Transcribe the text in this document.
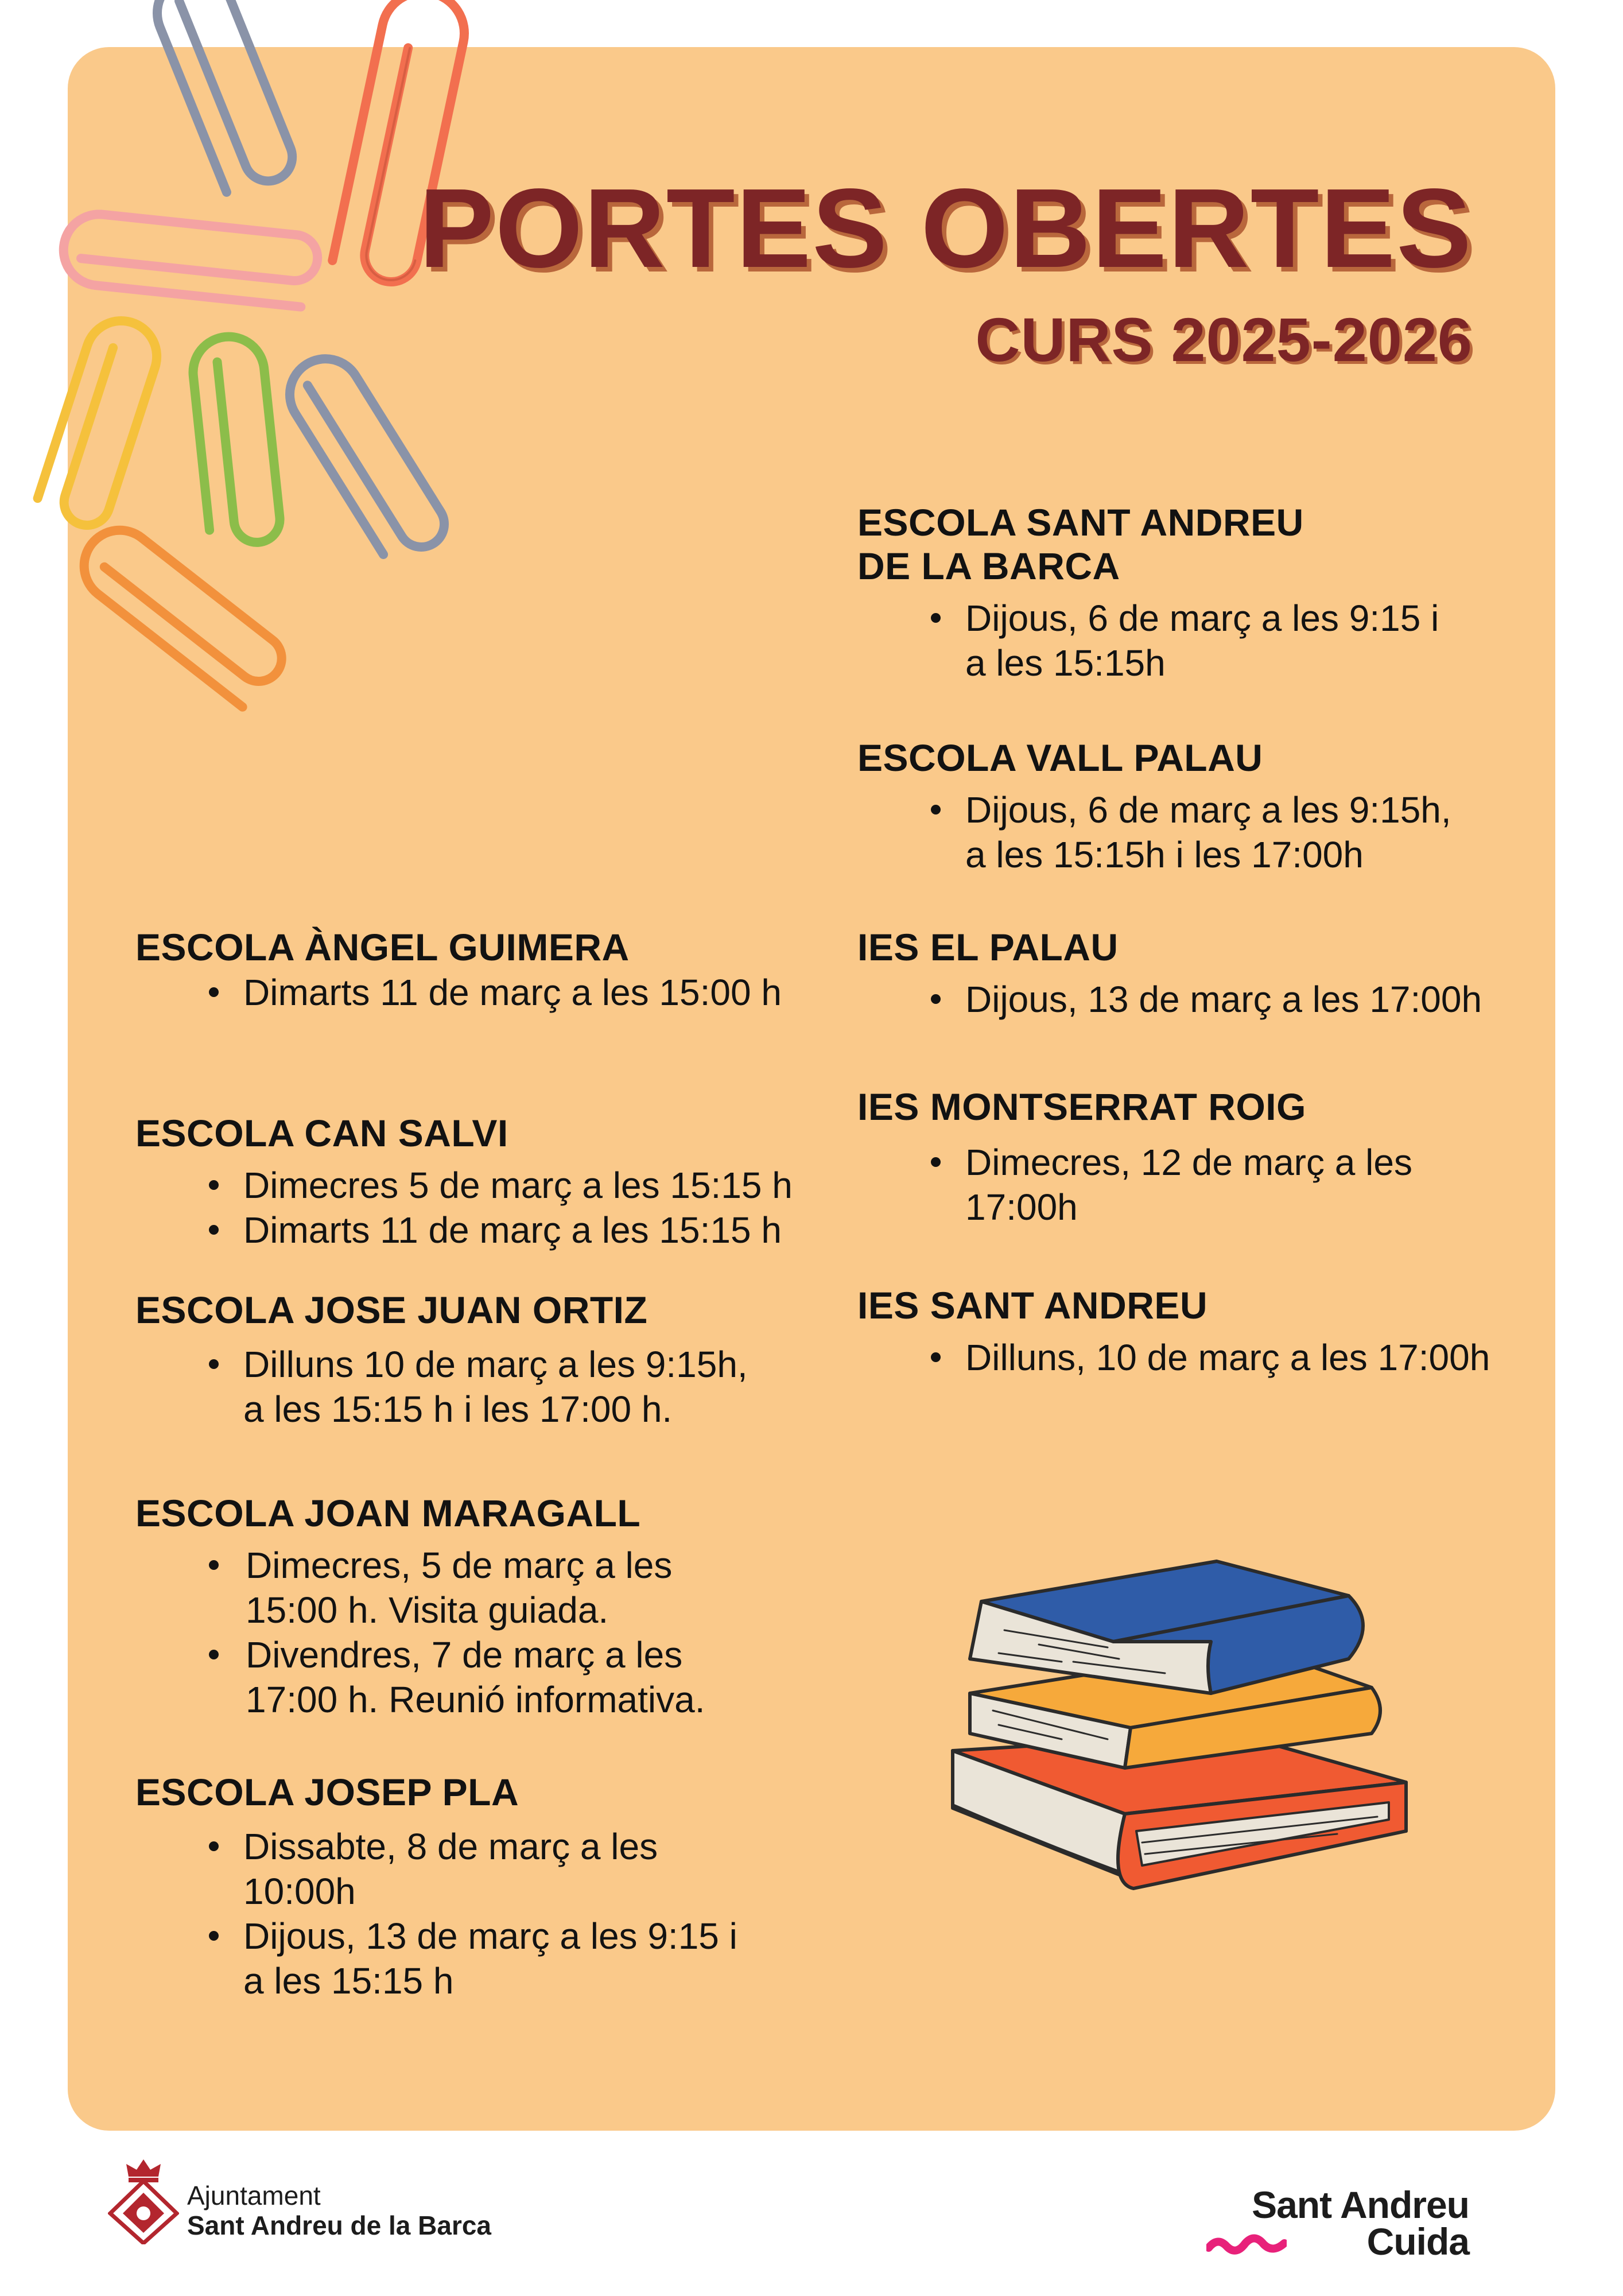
PORTES OBERTES
CURS 2025-2026
ESCOLA SANT ANDREU
DE LA BARCA
Dijous, 6 de març a les 9:15 i
a les 15:15h
ESCOLA VALL PALAU
Dijous, 6 de març a les 9:15h,
a les 15:15h i les 17:00h
IES EL PALAU
Dijous, 13 de març a les 17:00h
IES MONTSERRAT ROIG
Dimecres, 12 de març a les
17:00h
IES SANT ANDREU
Dilluns, 10 de març a les 17:00h
ESCOLA ÀNGEL GUIMERA
Dimarts 11 de març a les 15:00 h
ESCOLA CAN SALVI
Dimecres 5 de març a les 15:15 h
Dimarts 11 de març a les 15:15 h
ESCOLA JOSE JUAN ORTIZ
Dilluns 10 de març a les 9:15h,
a les 15:15 h i les 17:00 h.
ESCOLA JOAN MARAGALL
Dimecres, 5 de març a les
15:00 h. Visita guiada.
Divendres, 7 de març a les
17:00 h. Reunió informativa.
ESCOLA JOSEP PLA
Dissabte, 8 de març a les
10:00h
Dijous, 13 de març a les 9:15 i
a les 15:15 h
Ajuntament
Sant Andreu de la Barca	Sant Andreu
Cuida
